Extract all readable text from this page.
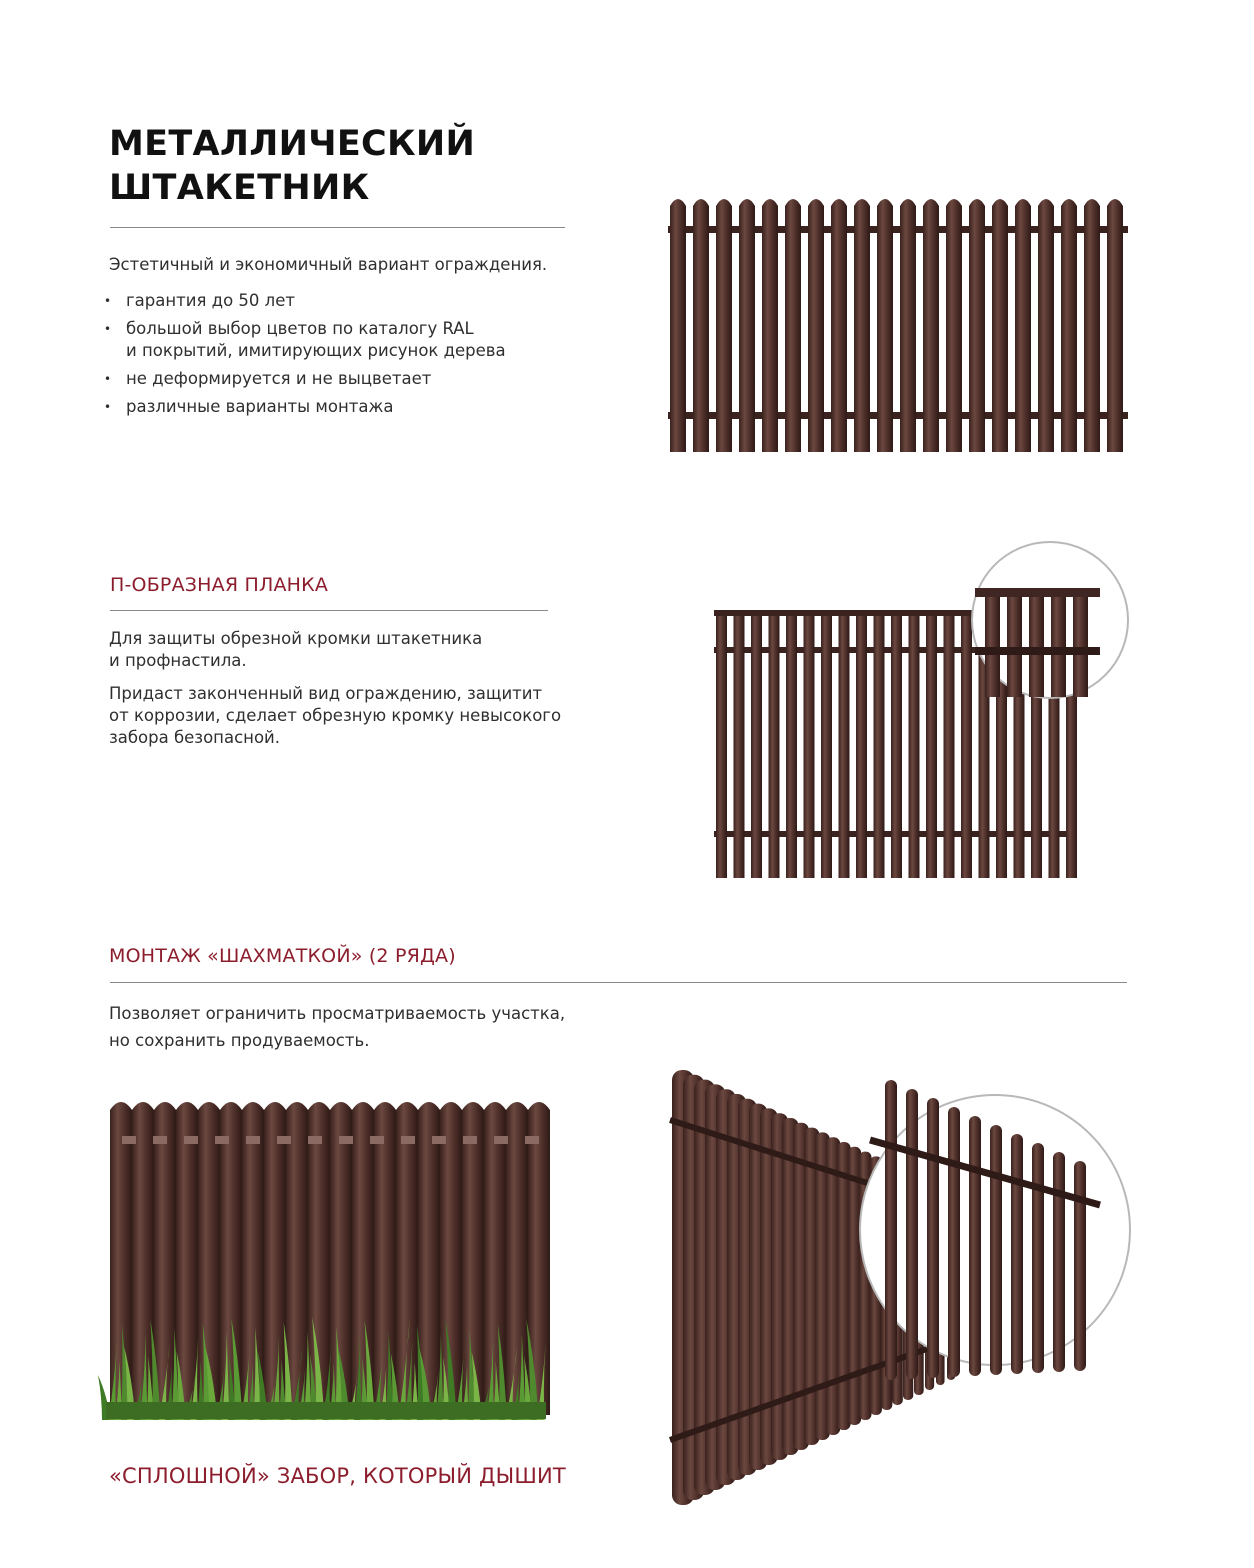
МЕТАЛЛИЧЕСКИЙ
ШТАКЕТНИК
Эстетичный и экономичный вариант ограждения.
• гарантия до 50 лет
• большой выбор цветов по каталогу RAL
и покрытий, имитирующих рисунок дерева
• не деформируется и не выцветает
• различные варианты монтажа
П-ОБРАЗНАЯ ПЛАНКА
Для защиты обрезной кромки штакетника
и профнастила.
Придаст законченный вид ограждению, защитит
от коррозии, сделает обрезную кромку невысокого
забора безопасной.
МОНТАЖ «ШАХМАТКОЙ» (2 РЯДА)
Позволяет ограничить просматриваемость участка,
но сохранить продуваемость.
«СПЛОШНОЙ» ЗАБОР, КОТОРЫЙ ДЫШИТ
